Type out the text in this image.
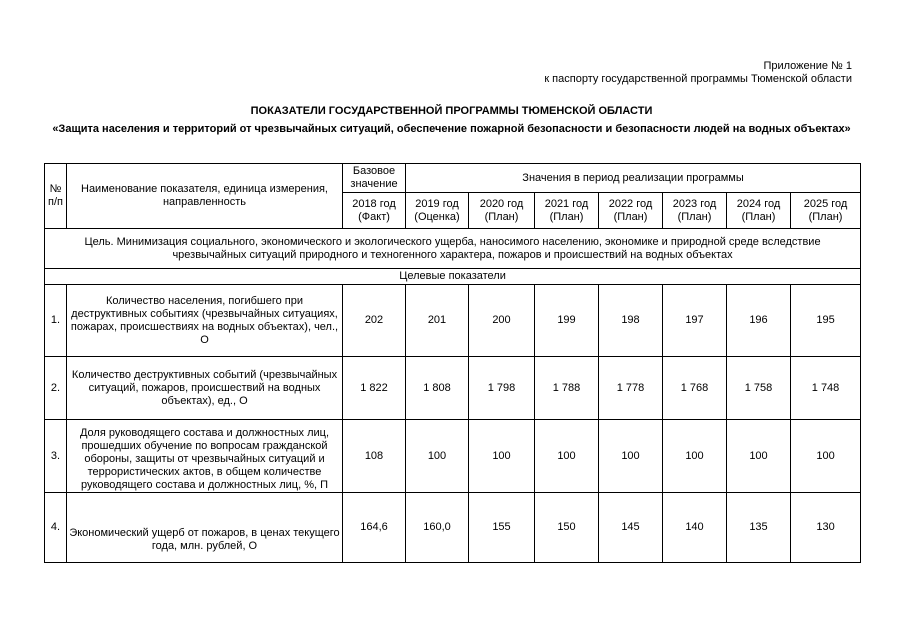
Приложение № 1
к паспорту государственной программы Тюменской области
ПОКАЗАТЕЛИ ГОСУДАРСТВЕННОЙ ПРОГРАММЫ ТЮМЕНСКОЙ ОБЛАСТИ
«Защита населения и территорий от чрезвычайных ситуаций, обеспечение пожарной безопасности и безопасности людей на водных объектах»
№ п/п	Наименование показателя, единица измерения, направленность	Базовое значение	Значения в период реализации программы						
		2018 год (Факт)	2019 год (Оценка)	2020 год (План)	2021 год (План)	2022 год (План)	2023 год (План)	2024 год (План)	2025 год (План)
Цель. Минимизация социального, экономического и экологического ущерба, наносимого населению, экономике и природной среде вследствие чрезвычайных ситуаций природного и техногенного характера, пожаров и происшествий на водных объектах									
Целевые показатели									
1.	Количество населения, погибшего при деструктивных событиях (чрезвычайных ситуациях, пожарах, происшествиях на водных объектах), чел., О	202	201	200	199	198	197	196	195
2.	Количество деструктивных событий (чрезвычайных ситуаций, пожаров, происшествий на водных объектах), ед., О	1 822	1 808	1 798	1 788	1 778	1 768	1 758	1 748
3.	Доля руководящего состава и должностных лиц, прошедших обучение по вопросам гражданской обороны, защиты от чрезвычайных ситуаций и террористических актов, в общем количестве руководящего состава и должностных лиц, %, П	108	100	100	100	100	100	100	100
4.	Экономический ущерб от пожаров, в ценах текущего года, млн. рублей, О	164,6	160,0	155	150	145	140	135	130
